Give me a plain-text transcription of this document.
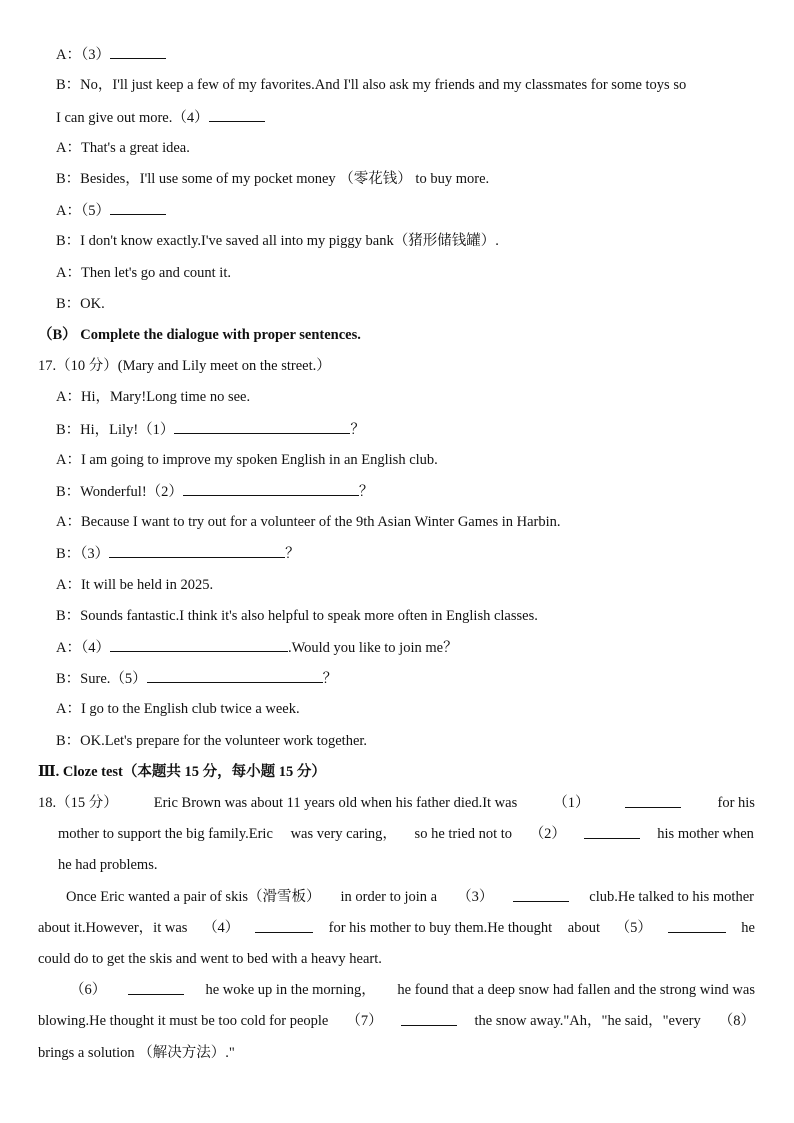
A：（3）
B：No，I'll just keep a few of my favorites.And I'll also ask my friends and my classmates for some toys so
I can give out more.（4）
A：That's a great idea.
B：Besides，I'll use some of my pocket money （零花钱） to buy more.
A：（5）
B：I don't know exactly.I've saved all into my piggy bank（猪形储钱罐）.
A：Then let's go and count it.
B：OK.
（B） Complete the dialogue with proper sentences.
17.（10 分）(Mary and Lily meet on the street.）
A：Hi，Mary!Long time no see.
B：Hi，Lily!（1）	？
A：I am going to improve my spoken English in an English club.
B：Wonderful!（2）	？
A：Because I want to try out for a volunteer of the 9th Asian Winter Games in Harbin.
B：（3）	？
A：It will be held in 2025.
B：Sounds fantastic.I think it's also helpful to speak more often in English classes.
A：（4）	.Would you like to join me？
B：Sure.（5）	？
A：I go to the English club twice a week.
B：OK.Let's prepare for the volunteer work together.
Ⅲ. Cloze test（本题共 15 分，每小题 15 分）
18.（15 分） Eric Brown was about 11 years old when his father died.It was （1）	for his
mother to support the big family.Eric was very caring， so he tried not to （2）	his mother when
he had problems.
Once Eric wanted a pair of skis（滑雪板） in order to join a （3）	club.He talked to his mother
about it.However，it was （4）	for his mother to buy them.He thought about （5）	he
could do to get the skis and went to bed with a heavy heart.
（6）	he woke up in the morning， he found that a deep snow had fallen and the strong wind was
blowing.He thought it must be too cold for people （7）	the snow away."Ah，"he said，"every （8）
brings a solution （解决方法）."
